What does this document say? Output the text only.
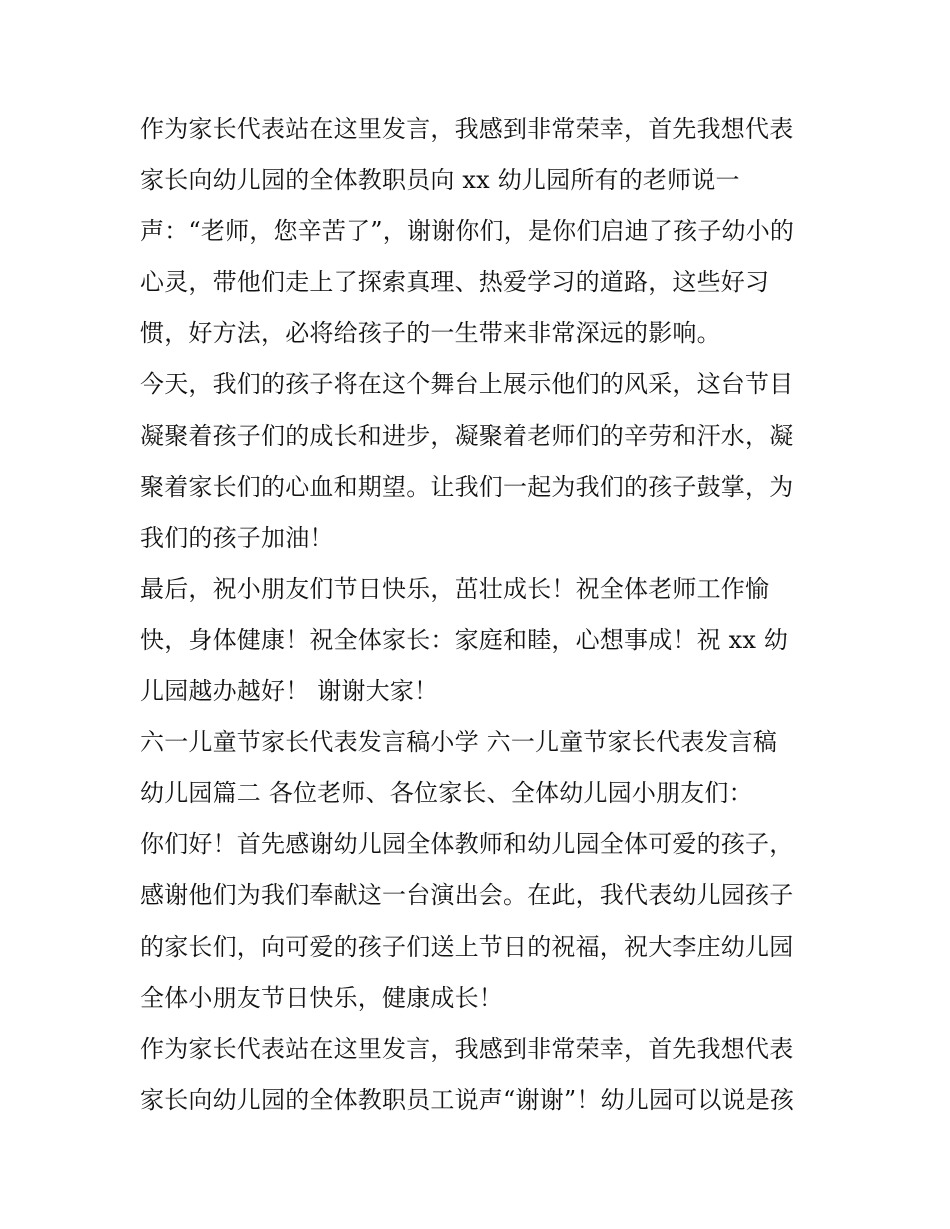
作为家长代表站在这里发言，我感到非常荣幸，首先我想代表
家长向幼儿园的全体教职员向 xx 幼儿园所有的老师说一
声：“老师，您辛苦了”，谢谢你们，是你们启迪了孩子幼小的
心灵，带他们走上了探索真理、热爱学习的道路，这些好习
惯，好方法，必将给孩子的一生带来非常深远的影响。
今天，我们的孩子将在这个舞台上展示他们的风采，这台节目
凝聚着孩子们的成长和进步，凝聚着老师们的辛劳和汗水，凝
聚着家长们的心血和期望。让我们一起为我们的孩子鼓掌，为
我们的孩子加油！
最后，祝小朋友们节日快乐，茁壮成长！祝全体老师工作愉
快，身体健康！祝全体家长：家庭和睦，心想事成！祝 xx 幼
儿园越办越好！ 谢谢大家！
六一儿童节家长代表发言稿小学 六一儿童节家长代表发言稿
幼儿园篇二 各位老师、各位家长、全体幼儿园小朋友们：
你们好！首先感谢幼儿园全体教师和幼儿园全体可爱的孩子，
感谢他们为我们奉献这一台演出会。在此，我代表幼儿园孩子
的家长们，向可爱的孩子们送上节日的祝福，祝大李庄幼儿园
全体小朋友节日快乐，健康成长！
作为家长代表站在这里发言，我感到非常荣幸，首先我想代表
家长向幼儿园的全体教职员工说声“谢谢”！幼儿园可以说是孩
